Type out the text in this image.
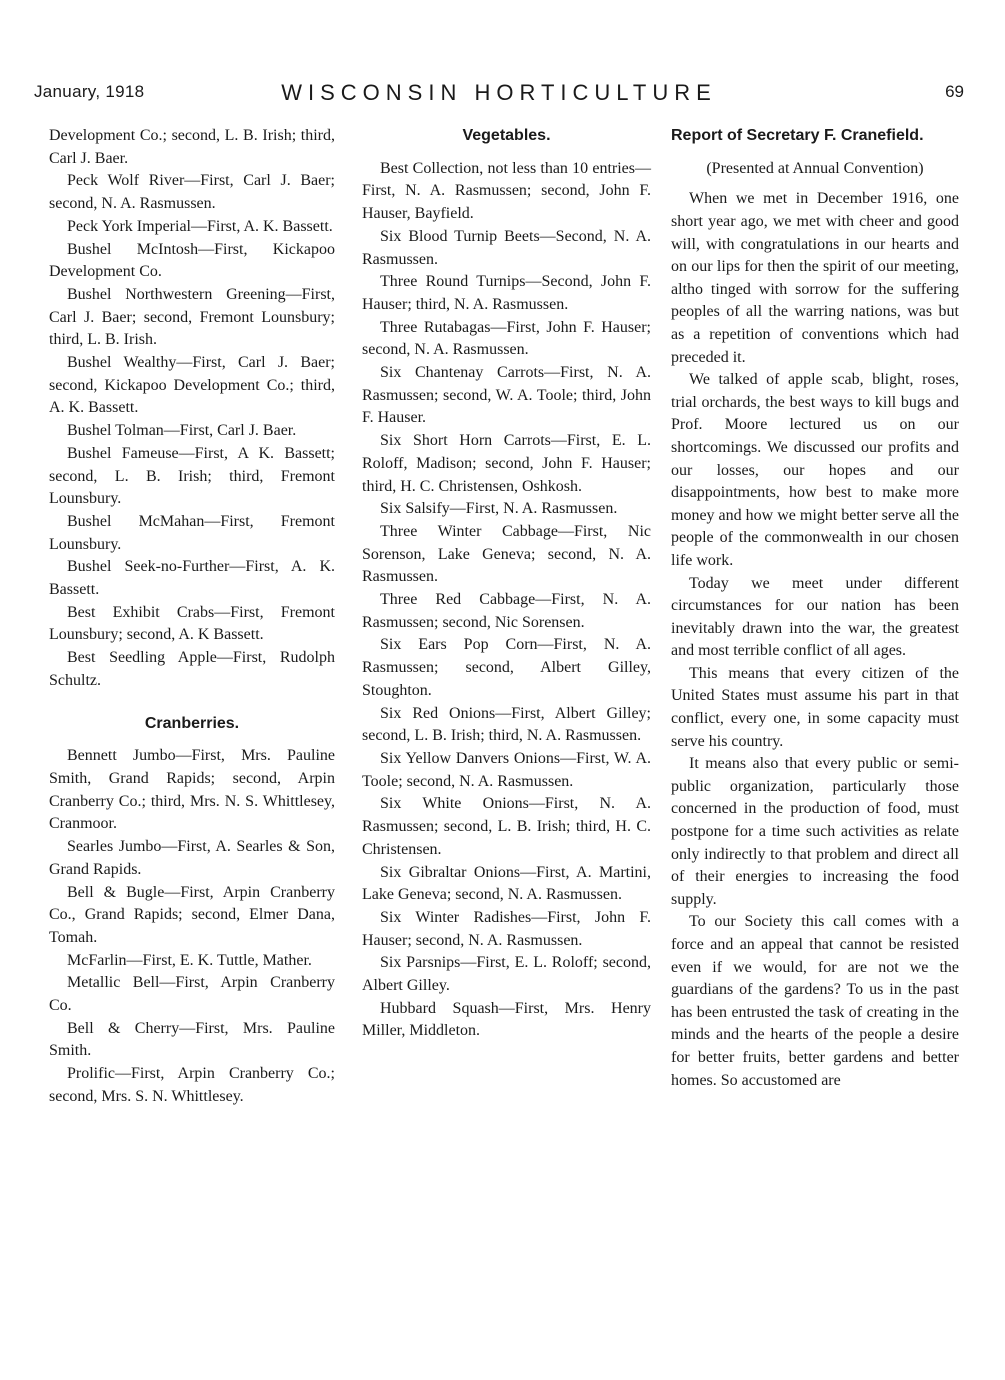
January, 1918	WISCONSIN HORTICULTURE	69

Development Co.; second, L. B. Irish; third, Carl J. Baer.

Peck Wolf River—First, Carl J. Baer; second, N. A. Rasmussen.

Peck York Imperial—First, A. K. Bassett.

Bushel McIntosh—First, Kickapoo Development Co.

Bushel Northwestern Greening—First, Carl J. Baer; second, Fremont Lounsbury; third, L. B. Irish.

Bushel Wealthy—First, Carl J. Baer; second, Kickapoo Development Co.; third, A. K. Bassett.

Bushel Tolman—First, Carl J. Baer.

Bushel Fameuse—First, A K. Bassett; second, L. B. Irish; third, Fremont Lounsbury.

Bushel McMahan—First, Fremont Lounsbury.

Bushel Seek-no-Further—First, A. K. Bassett.

Best Exhibit Crabs—First, Fremont Lounsbury; second, A. K Bassett.

Best Seedling Apple—First, Rudolph Schultz.

Cranberries.

Bennett Jumbo—First, Mrs. Pauline Smith, Grand Rapids; second, Arpin Cranberry Co.; third, Mrs. N. S. Whittlesey, Cranmoor.

Searles Jumbo—First, A. Searles & Son, Grand Rapids.

Bell & Bugle—First, Arpin Cranberry Co., Grand Rapids; second, Elmer Dana, Tomah.

McFarlin—First, E. K. Tuttle, Mather.

Metallic Bell—First, Arpin Cranberry Co.

Bell & Cherry—First, Mrs. Pauline Smith.

Prolific—First, Arpin Cranberry Co.; second, Mrs. S. N. Whittlesey.

Vegetables.

Best Collection, not less than 10 entries—First, N. A. Rasmussen; second, John F. Hauser, Bayfield.

Six Blood Turnip Beets—Second, N. A. Rasmussen.

Three Round Turnips—Second, John F. Hauser; third, N. A. Rasmussen.

Three Rutabagas—First, John F. Hauser; second, N. A. Rasmussen.

Six Chantenay Carrots—First, N. A. Rasmussen; second, W. A. Toole; third, John F. Hauser.

Six Short Horn Carrots—First, E. L. Roloff, Madison; second, John F. Hauser; third, H. C. Christensen, Oshkosh.

Six Salsify—First, N. A. Rasmussen.

Three Winter Cabbage—First, Nic Sorenson, Lake Geneva; second, N. A. Rasmussen.

Three Red Cabbage—First, N. A. Rasmussen; second, Nic Sorensen.

Six Ears Pop Corn—First, N. A. Rasmussen; second, Albert Gilley, Stoughton.

Six Red Onions—First, Albert Gilley; second, L. B. Irish; third, N. A. Rasmussen.

Six Yellow Danvers Onions—First, W. A. Toole; second, N. A. Rasmussen.

Six White Onions—First, N. A. Rasmussen; second, L. B. Irish; third, H. C. Christensen.

Six Gibraltar Onions—First, A. Martini, Lake Geneva; second, N. A. Rasmussen.

Six Winter Radishes—First, John F. Hauser; second, N. A. Rasmussen.

Six Parsnips—First, E. L. Roloff; second, Albert Gilley.

Hubbard Squash—First, Mrs. Henry Miller, Middleton.

Report of Secretary F. Cranefield.

(Presented at Annual Convention)

When we met in December 1916, one short year ago, we met with cheer and good will, with congratulations in our hearts and on our lips for then the spirit of our meeting, altho tinged with sorrow for the suffering peoples of all the warring nations, was but as a repetition of conventions which had preceded it.

We talked of apple scab, blight, roses, trial orchards, the best ways to kill bugs and Prof. Moore lectured us on our shortcomings. We discussed our profits and our losses, our hopes and our disappointments, how best to make more money and how we might better serve all the people of the commonwealth in our chosen life work.

Today we meet under different circumstances for our nation has been inevitably drawn into the war, the greatest and most terrible conflict of all ages.

This means that every citizen of the United States must assume his part in that conflict, every one, in some capacity must serve his country.

It means also that every public or semi-public organization, particularly those concerned in the production of food, must postpone for a time such activities as relate only indirectly to that problem and direct all of their energies to increasing the food supply.

To our Society this call comes with a force and an appeal that cannot be resisted even if we would, for are not we the guardians of the gardens? To us in the past has been entrusted the task of creating in the minds and the hearts of the people a desire for better fruits, better gardens and better homes. So accustomed are
